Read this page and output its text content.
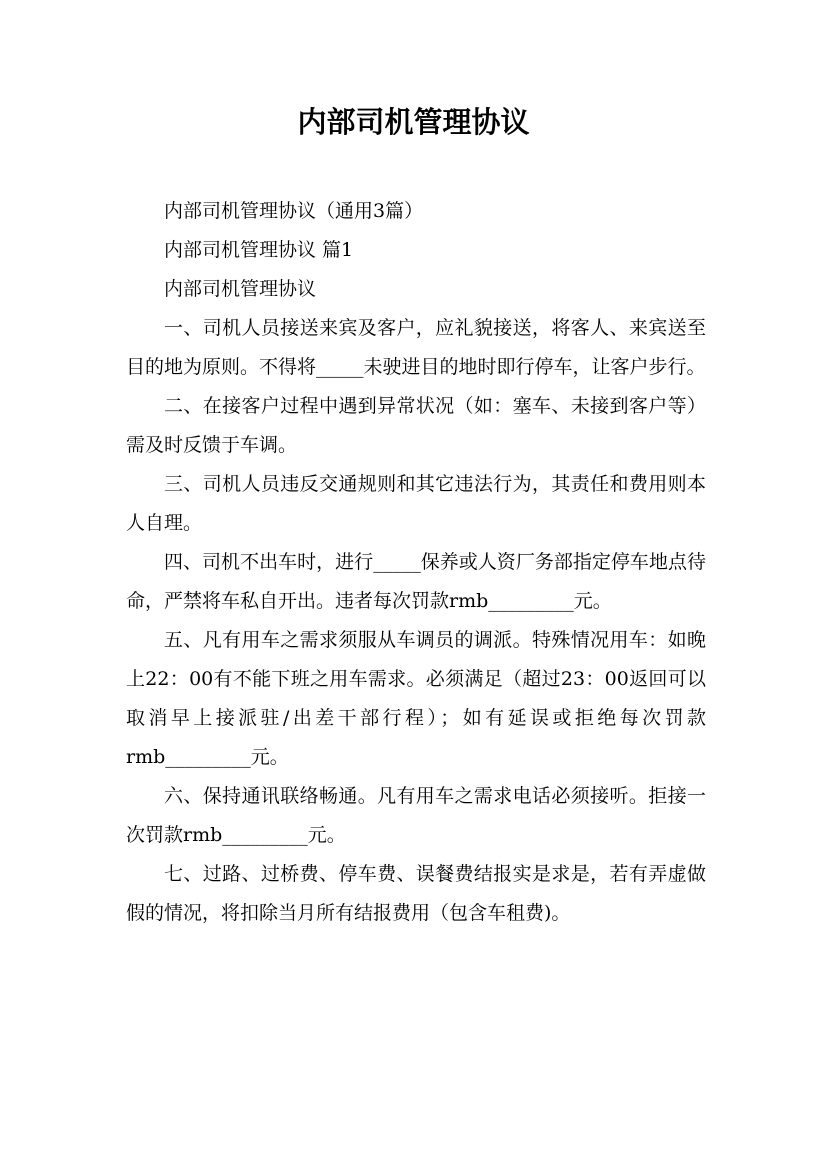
内部司机管理协议

内部司机管理协议（通用3篇）

内部司机管理协议 篇1

内部司机管理协议

一、司机人员接送来宾及客户，应礼貌接送，将客人、来宾送至目的地为原则。不得将_____未驶进目的地时即行停车，让客户步行。

二、在接客户过程中遇到异常状况（如：塞车、未接到客户等）需及时反馈于车调。

三、司机人员违反交通规则和其它违法行为，其责任和费用则本人自理。

四、司机不出车时，进行_____保养或人资厂务部指定停车地点待命，严禁将车私自开出。违者每次罚款rmb_________元。

五、凡有用车之需求须服从车调员的调派。特殊情况用车：如晚上22：00有不能下班之用车需求。必须满足（超过23：00返回可以取消早上接派驻/出差干部行程）；如有延误或拒绝每次罚款rmb_________元。

六、保持通讯联络畅通。凡有用车之需求电话必须接听。拒接一次罚款rmb_________元。

七、过路、过桥费、停车费、误餐费结报实是求是，若有弄虚做假的情况，将扣除当月所有结报费用（包含车租费)。
